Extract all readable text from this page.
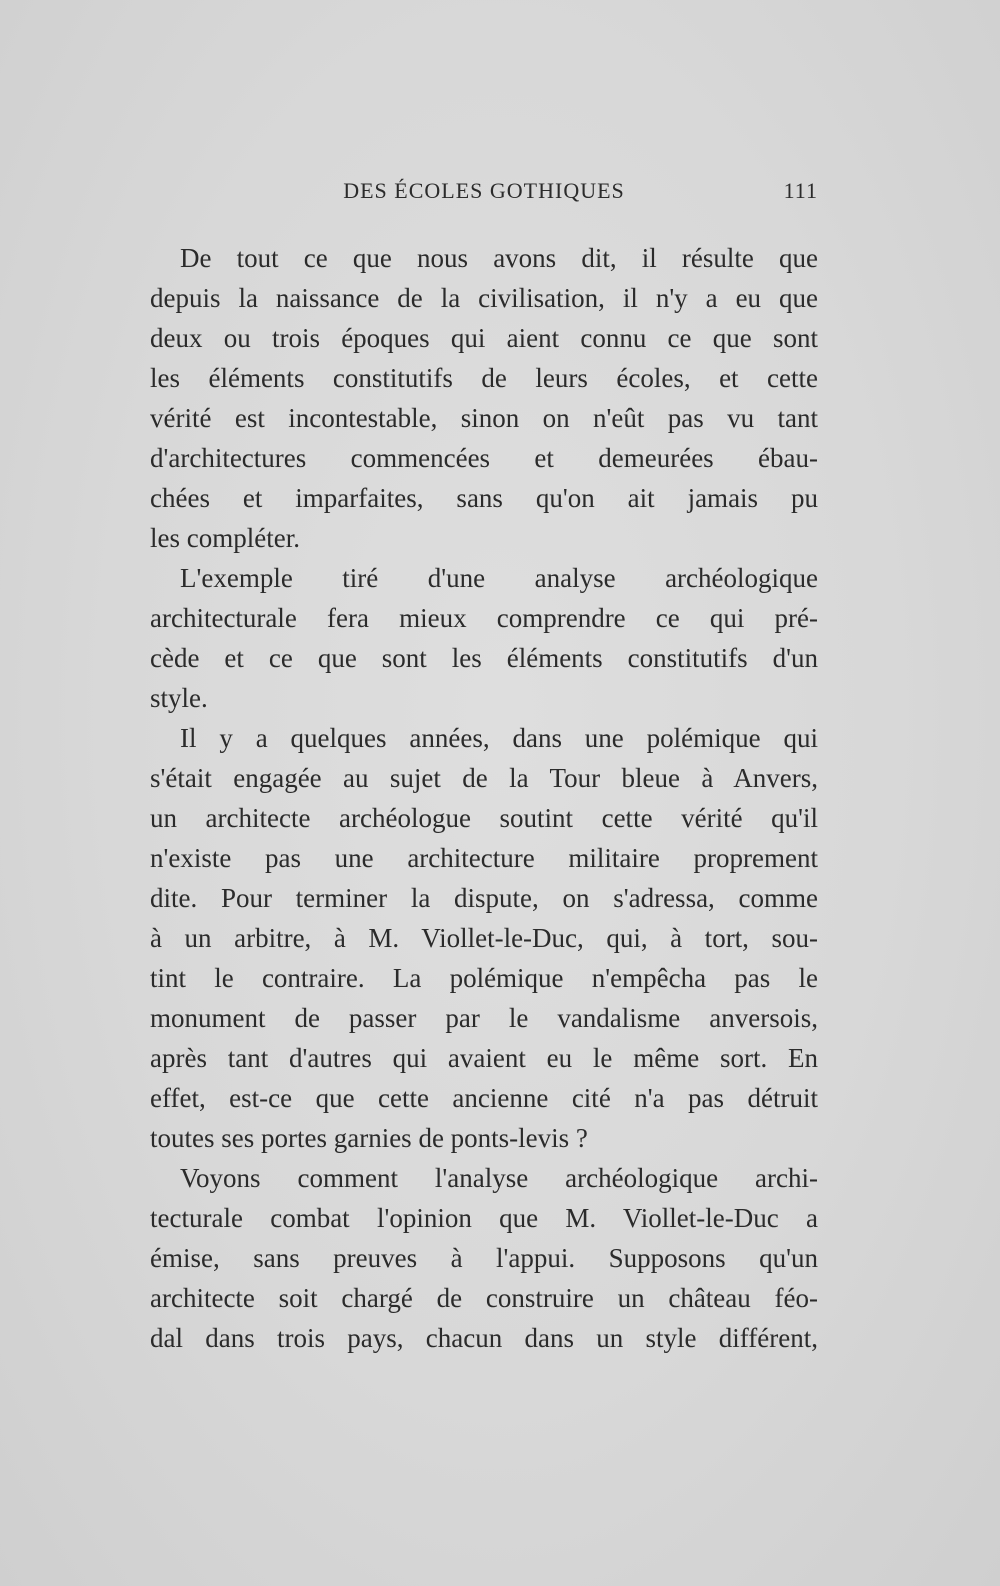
DES ÉCOLES GOTHIQUES	111
De tout ce que nous avons dit, il résulte que
depuis la naissance de la civilisation, il n'y a eu que
deux ou trois époques qui aient connu ce que sont
les éléments constitutifs de leurs écoles, et cette
vérité est incontestable, sinon on n'eût pas vu tant
d'architectures commencées et demeurées ébau-
chées et imparfaites, sans qu'on ait jamais pu
les compléter.
L'exemple tiré d'une analyse archéologique
architecturale fera mieux comprendre ce qui pré-
cède et ce que sont les éléments constitutifs d'un
style.
Il y a quelques années, dans une polémique qui
s'était engagée au sujet de la Tour bleue à Anvers,
un architecte archéologue soutint cette vérité qu'il
n'existe pas une architecture militaire proprement
dite. Pour terminer la dispute, on s'adressa, comme
à un arbitre, à M. Viollet-le-Duc, qui, à tort, sou-
tint le contraire. La polémique n'empêcha pas le
monument de passer par le vandalisme anversois,
après tant d'autres qui avaient eu le même sort. En
effet, est-ce que cette ancienne cité n'a pas détruit
toutes ses portes garnies de ponts-levis ?
Voyons comment l'analyse archéologique archi-
tecturale combat l'opinion que M. Viollet-le-Duc a
émise, sans preuves à l'appui. Supposons qu'un
architecte soit chargé de construire un château féo-
dal dans trois pays, chacun dans un style différent,
